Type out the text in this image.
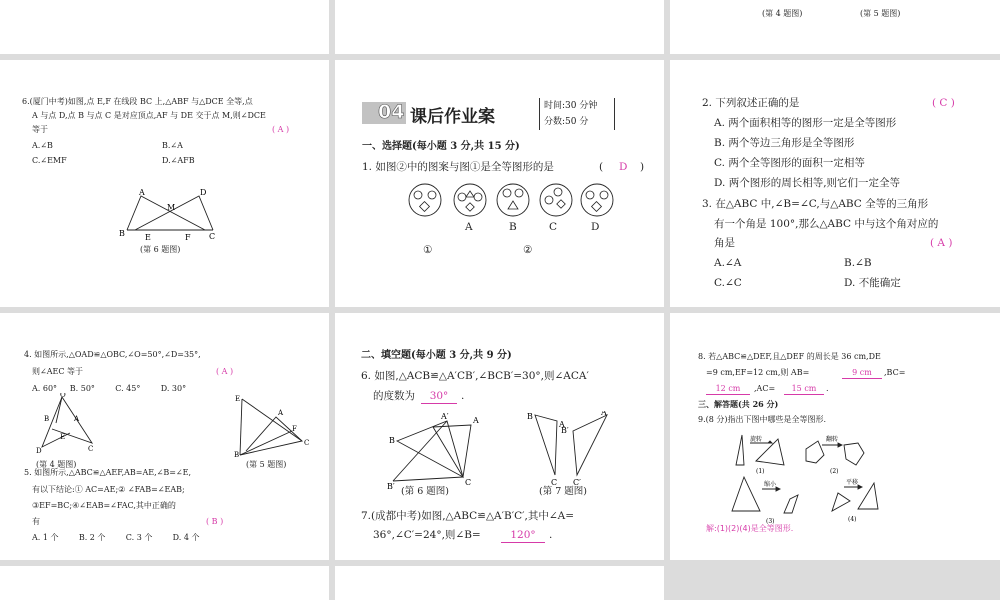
(第 4 题图)	(第 5 题图)
6.(厦门中考)如图,点 E,F 在线段 BC 上,△ABF 与△DCE 全等,点
A 与点 D,点 B 与点 C 是对应顶点,AF 与 DE 交于点 M,则∠DCE
等于	( A )
A.∠B	B.∠A
C.∠EMF	D.∠AFB
A	D
M
B	E	F C
(第 6 题图)
04 课后作业案
时间:30 分钟
分数:50 分
一、选择题(每小题 3 分,共 15 分)
1. 如图②中的图案与图①是全等图形的是	( D )
A	B	C	D
①	②
2. 下列叙述正确的是	( C )
A. 两个面积相等的图形一定是全等图形
B. 两个等边三角形是全等图形
C. 两个全等图形的面积一定相等
D. 两个图形的周长相等,则它们一定全等
3. 在△ABC 中,∠B=∠C,与△ABC 全等的三角形
有一个角是 100°,那么△ABC 中与这个角对应的
角是	( A )
A.∠A	B.∠B
C.∠C	D. 不能确定
4. 如图所示,△OAD≌△OBC,∠O=50°,∠D=35°,
则∠AEC 等于	( A )
A. 60°     B. 50°        C. 45°        D. 30°
O
B	A
E
D	C
(第 4 题图)
E
A
F
B
C
(第 5 题图)
5. 如图所示,△ABC≌△AEF,AB=AE,∠B=∠E,
有以下结论:① AC=AE;② ∠FAB=∠EAB;
③EF=BC;④∠EAB=∠FAC,其中正确的
有	( B )
A. 1 个        B. 2 个        C. 3 个        D. 4 个
二、填空题(每小题 3 分,共 9 分)
6. 如图,△ACB≌△A′CB′,∠BCB′=30°,则∠ACA′
的度数为	30°	.
B
A′	A
B′	C
(第 6 题图)
B
A
B′
A′
C C′
(第 7 题图)
7.(成都中考)如图,△ABC≌△A′B′C′,其中∠A=
36°,∠C′=24°,则∠B=	120°	.
8. 若△ABC≌△DEF,且△DEF 的周长是 36 cm,DE
=9 cm,EF=12 cm,则 AB=	9 cm	,BC=
12 cm	,AC=	15 cm	.
三、解答题(共 26 分)
9.(8 分)指出下图中哪些是全等图形.
旋转	翻转
缩小	平移
(1)	(2)
(3)	(4)
解:(1)(2)(4)是全等图形.
